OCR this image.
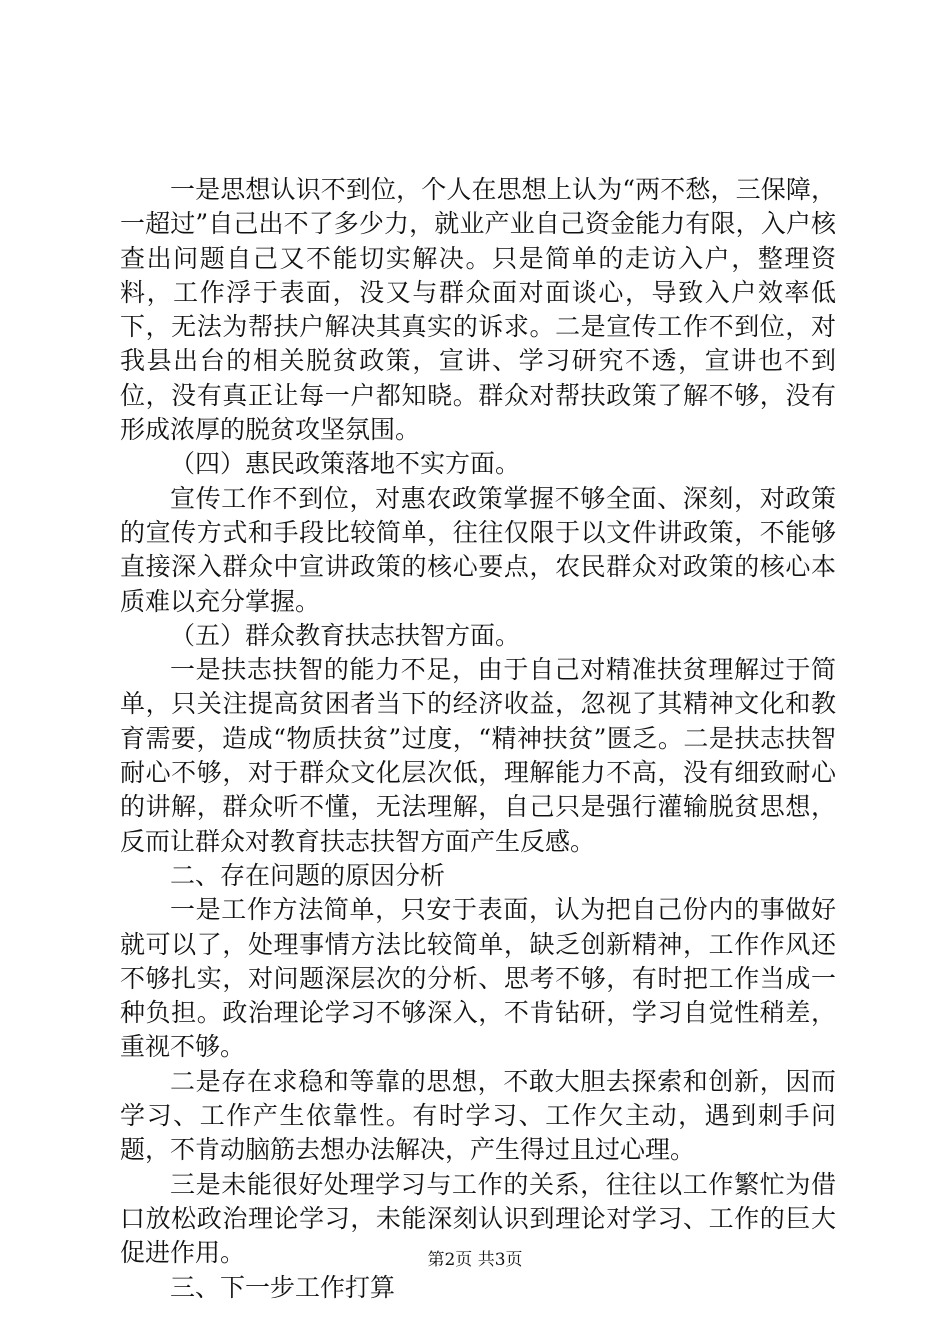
一是思想认识不到位，个人在思想上认为“两不愁，三保障，一超过”自己出不了多少力，就业产业自己资金能力有限，入户核查出问题自己又不能切实解决。只是简单的走访入户，整理资料，工作浮于表面，没又与群众面对面谈心，导致入户效率低下，无法为帮扶户解决其真实的诉求。二是宣传工作不到位，对我县出台的相关脱贫政策，宣讲、学习研究不透，宣讲也不到位，没有真正让每一户都知晓。群众对帮扶政策了解不够，没有形成浓厚的脱贫攻坚氛围。

（四）惠民政策落地不实方面。

宣传工作不到位，对惠农政策掌握不够全面、深刻，对政策的宣传方式和手段比较简单，往往仅限于以文件讲政策，不能够直接深入群众中宣讲政策的核心要点，农民群众对政策的核心本质难以充分掌握。

（五）群众教育扶志扶智方面。

一是扶志扶智的能力不足，由于自己对精准扶贫理解过于简单，只关注提高贫困者当下的经济收益，忽视了其精神文化和教育需要，造成“物质扶贫”过度，“精神扶贫”匮乏。二是扶志扶智耐心不够，对于群众文化层次低，理解能力不高，没有细致耐心的讲解，群众听不懂，无法理解，自己只是强行灌输脱贫思想，反而让群众对教育扶志扶智方面产生反感。

二、存在问题的原因分析

一是工作方法简单，只安于表面，认为把自己份内的事做好就可以了，处理事情方法比较简单，缺乏创新精神，工作作风还不够扎实，对问题深层次的分析、思考不够，有时把工作当成一种负担。政治理论学习不够深入，不肯钻研，学习自觉性稍差，重视不够。

二是存在求稳和等靠的思想，不敢大胆去探索和创新，因而学习、工作产生依靠性。有时学习、工作欠主动，遇到刺手问题，不肯动脑筋去想办法解决，产生得过且过心理。

三是未能很好处理学习与工作的关系，往往以工作繁忙为借口放松政治理论学习，未能深刻认识到理论对学习、工作的巨大促进作用。

三、下一步工作打算

第2页 共3页
